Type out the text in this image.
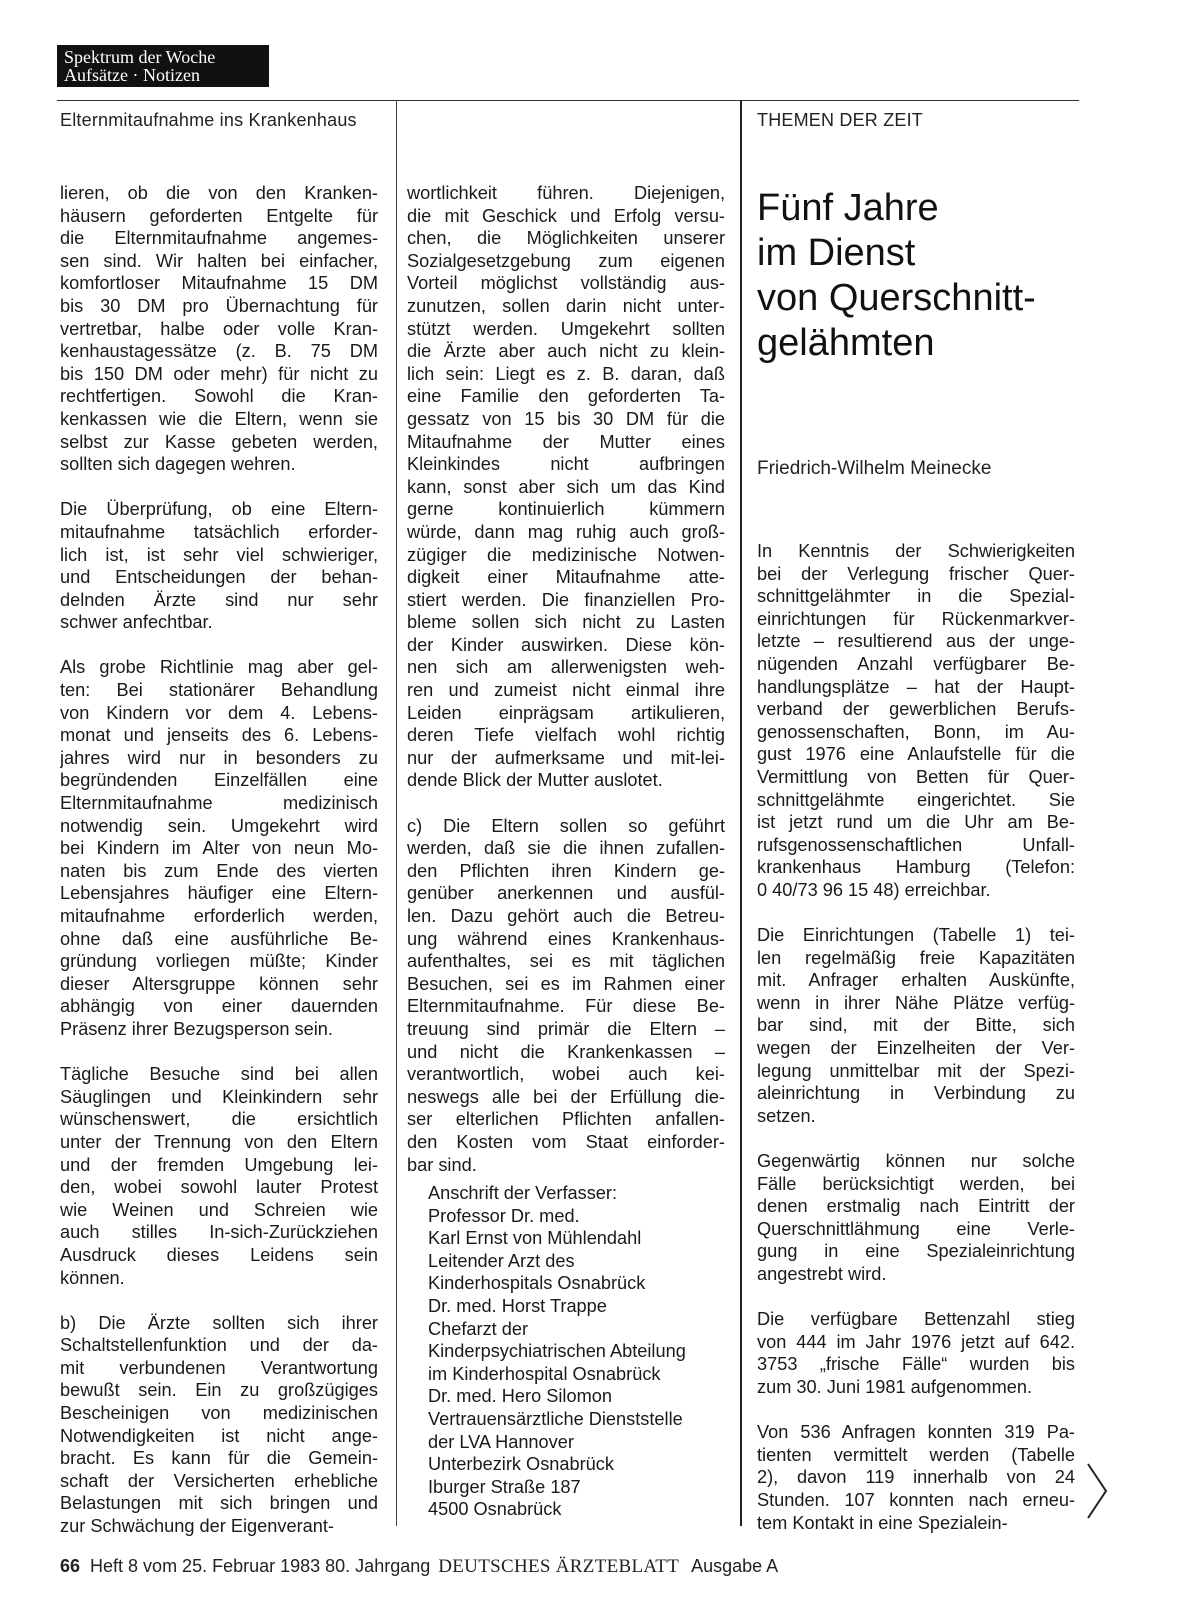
Spektrum der Woche
Aufsätze · Notizen
Elternmitaufnahme ins Krankenhaus	THEMEN DER ZEIT
lieren, ob die von den Kranken-
häusern geforderten Entgelte für
die Elternmitaufnahme angemes-
sen sind. Wir halten bei einfacher,
komfortloser Mitaufnahme 15 DM
bis 30 DM pro Übernachtung für
vertretbar, halbe oder volle Kran-
kenhaustagessätze (z. B. 75 DM
bis 150 DM oder mehr) für nicht zu
rechtfertigen. Sowohl die Kran-
kenkassen wie die Eltern, wenn sie
selbst zur Kasse gebeten werden,
sollten sich dagegen wehren.
Die Überprüfung, ob eine Eltern-
mitaufnahme tatsächlich erforder-
lich ist, ist sehr viel schwieriger,
und Entscheidungen der behan-
delnden Ärzte sind nur sehr
schwer anfechtbar.
Als grobe Richtlinie mag aber gel-
ten: Bei stationärer Behandlung
von Kindern vor dem 4. Lebens-
monat und jenseits des 6. Lebens-
jahres wird nur in besonders zu
begründenden Einzelfällen eine
Elternmitaufnahme medizinisch
notwendig sein. Umgekehrt wird
bei Kindern im Alter von neun Mo-
naten bis zum Ende des vierten
Lebensjahres häufiger eine Eltern-
mitaufnahme erforderlich werden,
ohne daß eine ausführliche Be-
gründung vorliegen müßte; Kinder
dieser Altersgruppe können sehr
abhängig von einer dauernden
Präsenz ihrer Bezugsperson sein.
Tägliche Besuche sind bei allen
Säuglingen und Kleinkindern sehr
wünschenswert, die ersichtlich
unter der Trennung von den Eltern
und der fremden Umgebung lei-
den, wobei sowohl lauter Protest
wie Weinen und Schreien wie
auch stilles In-sich-Zurückziehen
Ausdruck dieses Leidens sein
können.
b) Die Ärzte sollten sich ihrer
Schaltstellenfunktion und der da-
mit verbundenen Verantwortung
bewußt sein. Ein zu großzügiges
Bescheinigen von medizinischen
Notwendigkeiten ist nicht ange-
bracht. Es kann für die Gemein-
schaft der Versicherten erhebliche
Belastungen mit sich bringen und
zur Schwächung der Eigenverant-
wortlichkeit führen. Diejenigen,
die mit Geschick und Erfolg versu-
chen, die Möglichkeiten unserer
Sozialgesetzgebung zum eigenen
Vorteil möglichst vollständig aus-
zunutzen, sollen darin nicht unter-
stützt werden. Umgekehrt sollten
die Ärzte aber auch nicht zu klein-
lich sein: Liegt es z. B. daran, daß
eine Familie den geforderten Ta-
gessatz von 15 bis 30 DM für die
Mitaufnahme der Mutter eines
Kleinkindes nicht aufbringen
kann, sonst aber sich um das Kind
gerne kontinuierlich kümmern
würde, dann mag ruhig auch groß-
zügiger die medizinische Notwen-
digkeit einer Mitaufnahme atte-
stiert werden. Die finanziellen Pro-
bleme sollen sich nicht zu Lasten
der Kinder auswirken. Diese kön-
nen sich am allerwenigsten weh-
ren und zumeist nicht einmal ihre
Leiden einprägsam artikulieren,
deren Tiefe vielfach wohl richtig
nur der aufmerksame und mit-lei-
dende Blick der Mutter auslotet.
c) Die Eltern sollen so geführt
werden, daß sie die ihnen zufallen-
den Pflichten ihren Kindern ge-
genüber anerkennen und ausfül-
len. Dazu gehört auch die Betreu-
ung während eines Krankenhaus-
aufenthaltes, sei es mit täglichen
Besuchen, sei es im Rahmen einer
Elternmitaufnahme. Für diese Be-
treuung sind primär die Eltern –
und nicht die Krankenkassen –
verantwortlich, wobei auch kei-
neswegs alle bei der Erfüllung die-
ser elterlichen Pflichten anfallen-
den Kosten vom Staat einforder-
bar sind.
Anschrift der Verfasser:
Professor Dr. med.
Karl Ernst von Mühlendahl
Leitender Arzt des
Kinderhospitals Osnabrück
Dr. med. Horst Trappe
Chefarzt der
Kinderpsychiatrischen Abteilung
im Kinderhospital Osnabrück
Dr. med. Hero Silomon
Vertrauensärztliche Dienststelle
der LVA Hannover
Unterbezirk Osnabrück
Iburger Straße 187
4500 Osnabrück
Fünf Jahre
im Dienst
von Querschnitt-
gelähmten
Friedrich-Wilhelm Meinecke
In Kenntnis der Schwierigkeiten
bei der Verlegung frischer Quer-
schnittgelähmter in die Spezial-
einrichtungen für Rückenmarkver-
letzte – resultierend aus der unge-
nügenden Anzahl verfügbarer Be-
handlungsplätze – hat der Haupt-
verband der gewerblichen Berufs-
genossenschaften, Bonn, im Au-
gust 1976 eine Anlaufstelle für die
Vermittlung von Betten für Quer-
schnittgelähmte eingerichtet. Sie
ist jetzt rund um die Uhr am Be-
rufsgenossenschaftlichen Unfall-
krankenhaus Hamburg (Telefon:
0 40/73 96 15 48) erreichbar.
Die Einrichtungen (Tabelle 1) tei-
len regelmäßig freie Kapazitäten
mit. Anfrager erhalten Auskünfte,
wenn in ihrer Nähe Plätze verfüg-
bar sind, mit der Bitte, sich
wegen der Einzelheiten der Ver-
legung unmittelbar mit der Spezi-
aleinrichtung in Verbindung zu
setzen.
Gegenwärtig können nur solche
Fälle berücksichtigt werden, bei
denen erstmalig nach Eintritt der
Querschnittlähmung eine Verle-
gung in eine Spezialeinrichtung
angestrebt wird.
Die verfügbare Bettenzahl stieg
von 444 im Jahr 1976 jetzt auf 642.
3753 „frische Fälle“ wurden bis
zum 30. Juni 1981 aufgenommen.
Von 536 Anfragen konnten 319 Pa-
tienten vermittelt werden (Tabelle
2), davon 119 innerhalb von 24
Stunden. 107 konnten nach erneu-
tem Kontakt in eine Spezialein-
66 Heft 8 vom 25. Februar 1983 80. Jahrgang DEUTSCHES ÄRZTEBLATT Ausgabe A
